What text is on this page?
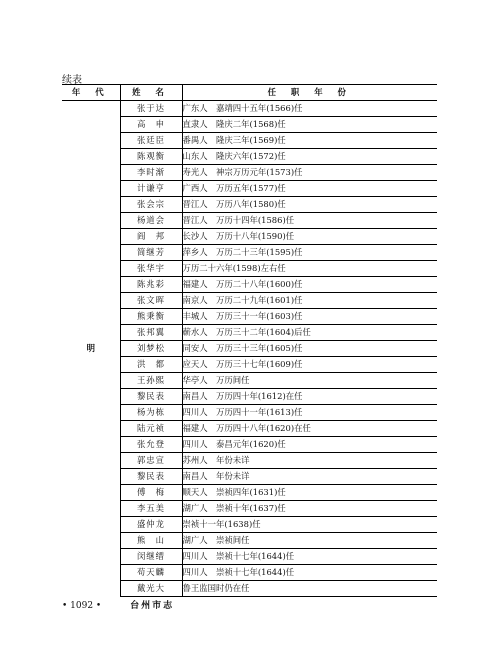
续表
年 代	姓 名	任 职 年 份
明	张于达	广东人　嘉靖四十五年(1566)任
	高　申	直隶人　隆庆二年(1568)任
	张廷臣	番禺人　隆庆三年(1569)任
	陈观衡	山东人　隆庆六年(1572)任
	李时渐	寿光人　神宗万历元年(1573)任
	计谦亨	广西人　万历五年(1577)任
	张会宗	晋江人　万历八年(1580)任
	杨道会	晋江人　万历十四年(1586)任
	阎　邦	长沙人　万历十八年(1590)任
	简继芳	萍乡人　万历二十三年(1595)任
	张华宇	万历二十六年(1598)左右任
	陈兆彩	福建人　万历二十八年(1600)任
	张文晖	南京人　万历二十九年(1601)任
	熊秉衡	丰城人　万历三十一年(1603)任
	张邦翼	蕲水人　万历三十二年(1604)后任
	刘梦松	同安人　万历三十三年(1605)任
	洪　都	应天人　万历三十七年(1609)任
	王孙熙	华亭人　万历间任
	黎民表	南昌人　万历四十年(1612)在任
	杨为栋	四川人　万历四十一年(1613)任
	陆元祯	福建人　万历四十八年(1620)在任
	张允登	四川人　泰昌元年(1620)任
	郭忠宣	苏州人　年份未详
	黎民表	南昌人　年份未详
	傅　梅	顺天人　崇祯四年(1631)任
	李五美	湖广人　崇祯十年(1637)任
	盛仲龙	崇祯十一年(1638)任
	熊　山	湖广人　崇祯间任
	闵继缙	四川人　崇祯十七年(1644)任
	苟天麟	四川人　崇祯十七年(1644)任
	戴光大	鲁王监国时仍在任
• 1092 •	台州市志
